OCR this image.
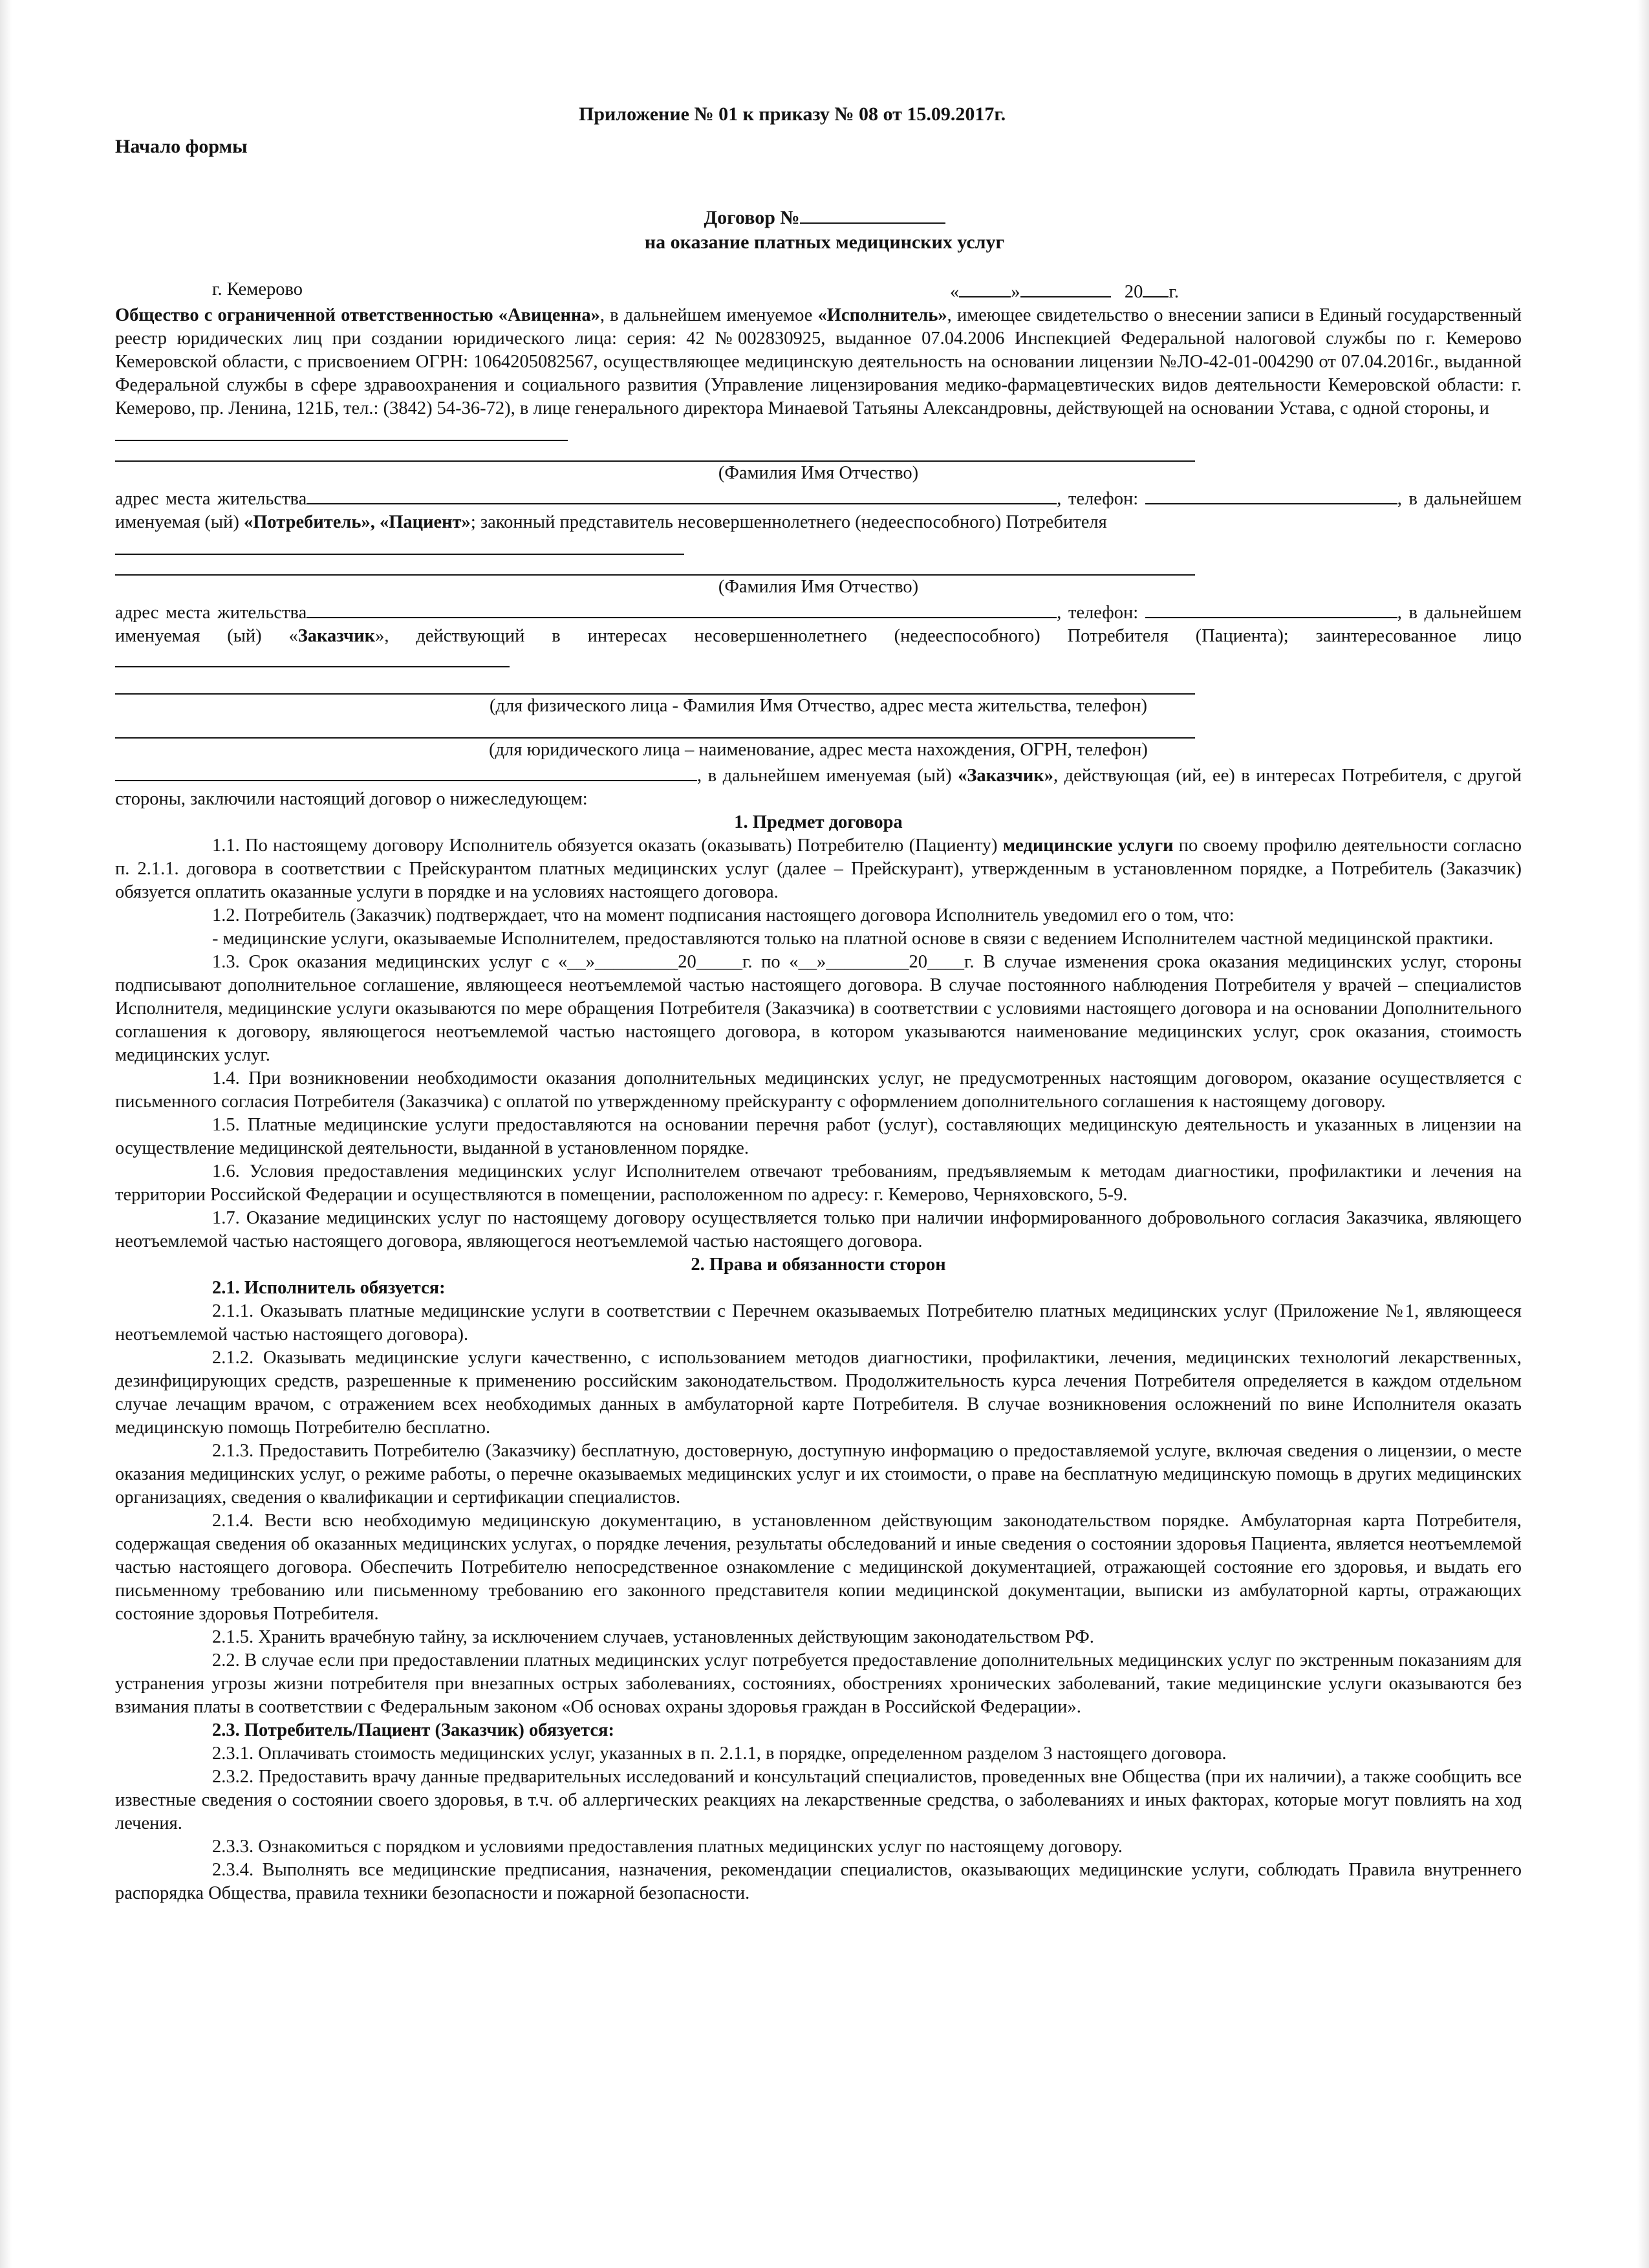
Приложение № 01 к приказу № 08 от 15.09.2017г.
Начало формы
Договор №
на оказание платных медицинских услуг
г. Кемерово	«	»	20 г.

Общество с ограниченной ответственностью «Авиценна», в дальнейшем именуемое «Исполнитель», имеющее свидетельство о внесении записи в Единый государственный реестр юридических лиц при создании юридического лица: серия: 42 №002830925, выданное 07.04.2006 Инспекцией Федеральной налоговой службы по г. Кемерово Кемеровской области, с присвоением ОГРН: 1064205082567, осуществляющее медицинскую деятельность на основании лицензии №ЛО-42-01-004290 от 07.04.2016г., выданной Федеральной службы в сфере здравоохранения и социального развития (Управление лицензирования медико-фармацевтических видов деятельности Кемеровской области: г. Кемерово, пр. Ленина, 121Б, тел.: (3842) 54-36-72), в лице генерального директора Минаевой Татьяны Александровны, действующей на основании Устава, с одной стороны, и

(Фамилия Имя Отчество)

адрес места жительства	, телефон:	, в дальнейшем именуемая (ый) «Потребитель», «Пациент»; законный представитель несовершеннолетнего (недееспособного) Потребителя

(Фамилия Имя Отчество)

адрес места жительства	, телефон:	, в дальнейшем именуемая (ый) «Заказчик», действующий в интересах несовершеннолетнего (недееспособного) Потребителя (Пациента); заинтересованное лицо

(для физического лица - Фамилия Имя Отчество, адрес места жительства, телефон)
(для юридического лица – наименование, адрес места нахождения, ОГРН, телефон)

, в дальнейшем именуемая (ый) «Заказчик», действующая (ий, ее) в интересах Потребителя, с другой стороны, заключили настоящий договор о нижеследующем:

1. Предмет договора

1.1. По настоящему договору Исполнитель обязуется оказать (оказывать) Потребителю (Пациенту) медицинские услуги по своему профилю деятельности согласно п. 2.1.1. договора в соответствии с Прейскурантом платных медицинских услуг (далее – Прейскурант), утвержденным в установленном порядке, а Потребитель (Заказчик) обязуется оплатить оказанные услуги в порядке и на условиях настоящего договора.

1.2. Потребитель (Заказчик) подтверждает, что на момент подписания настоящего договора Исполнитель уведомил его о том, что:

- медицинские услуги, оказываемые Исполнителем, предоставляются только на платной основе в связи с ведением Исполнителем частной медицинской практики.

1.3. Срок оказания медицинских услуг с «__»_________20_____г. по «__»_________20____г. В случае изменения срока оказания медицинских услуг, стороны подписывают дополнительное соглашение, являющееся неотъемлемой частью настоящего договора. В случае постоянного наблюдения Потребителя у врачей – специалистов Исполнителя, медицинские услуги оказываются по мере обращения Потребителя (Заказчика) в соответствии с условиями настоящего договора и на основании Дополнительного соглашения к договору, являющегося неотъемлемой частью настоящего договора, в котором указываются наименование медицинских услуг, срок оказания, стоимость медицинских услуг.

1.4. При возникновении необходимости оказания дополнительных медицинских услуг, не предусмотренных настоящим договором, оказание осуществляется с письменного согласия Потребителя (Заказчика) с оплатой по утвержденному прейскуранту с оформлением дополнительного соглашения к настоящему договору.

1.5. Платные медицинские услуги предоставляются на основании перечня работ (услуг), составляющих медицинскую деятельность и указанных в лицензии на осуществление медицинской деятельности, выданной в установленном порядке.

1.6. Условия предоставления медицинских услуг Исполнителем отвечают требованиям, предъявляемым к методам диагностики, профилактики и лечения на территории Российской Федерации и осуществляются в помещении, расположенном по адресу: г. Кемерово, Черняховского, 5-9.

1.7. Оказание медицинских услуг по настоящему договору осуществляется только при наличии информированного добровольного согласия Заказчика, являющего неотъемлемой частью настоящего договора, являющегося неотъемлемой частью настоящего договора.

2. Права и обязанности сторон

2.1. Исполнитель обязуется:

2.1.1. Оказывать платные медицинские услуги в соответствии с Перечнем оказываемых Потребителю платных медицинских услуг (Приложение №1, являющееся неотъемлемой частью настоящего договора).

2.1.2. Оказывать медицинские услуги качественно, с использованием методов диагностики, профилактики, лечения, медицинских технологий лекарственных, дезинфицирующих средств, разрешенные к применению российским законодательством. Продолжительность курса лечения Потребителя определяется в каждом отдельном случае лечащим врачом, с отражением всех необходимых данных в амбулаторной карте Потребителя. В случае возникновения осложнений по вине Исполнителя оказать медицинскую помощь Потребителю бесплатно.

2.1.3. Предоставить Потребителю (Заказчику) бесплатную, достоверную, доступную информацию о предоставляемой услуге, включая сведения о лицензии, о месте оказания медицинских услуг, о режиме работы, о перечне оказываемых медицинских услуг и их стоимости, о праве на бесплатную медицинскую помощь в других медицинских организациях, сведения о квалификации и сертификации специалистов.

2.1.4. Вести всю необходимую медицинскую документацию, в установленном действующим законодательством порядке. Амбулаторная карта Потребителя, содержащая сведения об оказанных медицинских услугах, о порядке лечения, результаты обследований и иные сведения о состоянии здоровья Пациента, является неотъемлемой частью настоящего договора. Обеспечить Потребителю непосредственное ознакомление с медицинской документацией, отражающей состояние его здоровья, и выдать его письменному требованию или письменному требованию его законного представителя копии медицинской документации, выписки из амбулаторной карты, отражающих состояние здоровья Потребителя.

2.1.5. Хранить врачебную тайну, за исключением случаев, установленных действующим законодательством РФ.

2.2. В случае если при предоставлении платных медицинских услуг потребуется предоставление дополнительных медицинских услуг по экстренным показаниям для устранения угрозы жизни потребителя при внезапных острых заболеваниях, состояниях, обострениях хронических заболеваний, такие медицинские услуги оказываются без взимания платы в соответствии с Федеральным законом «Об основах охраны здоровья граждан в Российской Федерации».

2.3. Потребитель/Пациент (Заказчик) обязуется:

2.3.1. Оплачивать стоимость медицинских услуг, указанных в п. 2.1.1, в порядке, определенном разделом 3 настоящего договора.

2.3.2. Предоставить врачу данные предварительных исследований и консультаций специалистов, проведенных вне Общества (при их наличии), а также сообщить все известные сведения о состоянии своего здоровья, в т.ч. об аллергических реакциях на лекарственные средства, о заболеваниях и иных факторах, которые могут повлиять на ход лечения.

2.3.3. Ознакомиться с порядком и условиями предоставления платных медицинских услуг по настоящему договору.

2.3.4. Выполнять все медицинские предписания, назначения, рекомендации специалистов, оказывающих медицинские услуги, соблюдать Правила внутреннего распорядка Общества, правила техники безопасности и пожарной безопасности.
